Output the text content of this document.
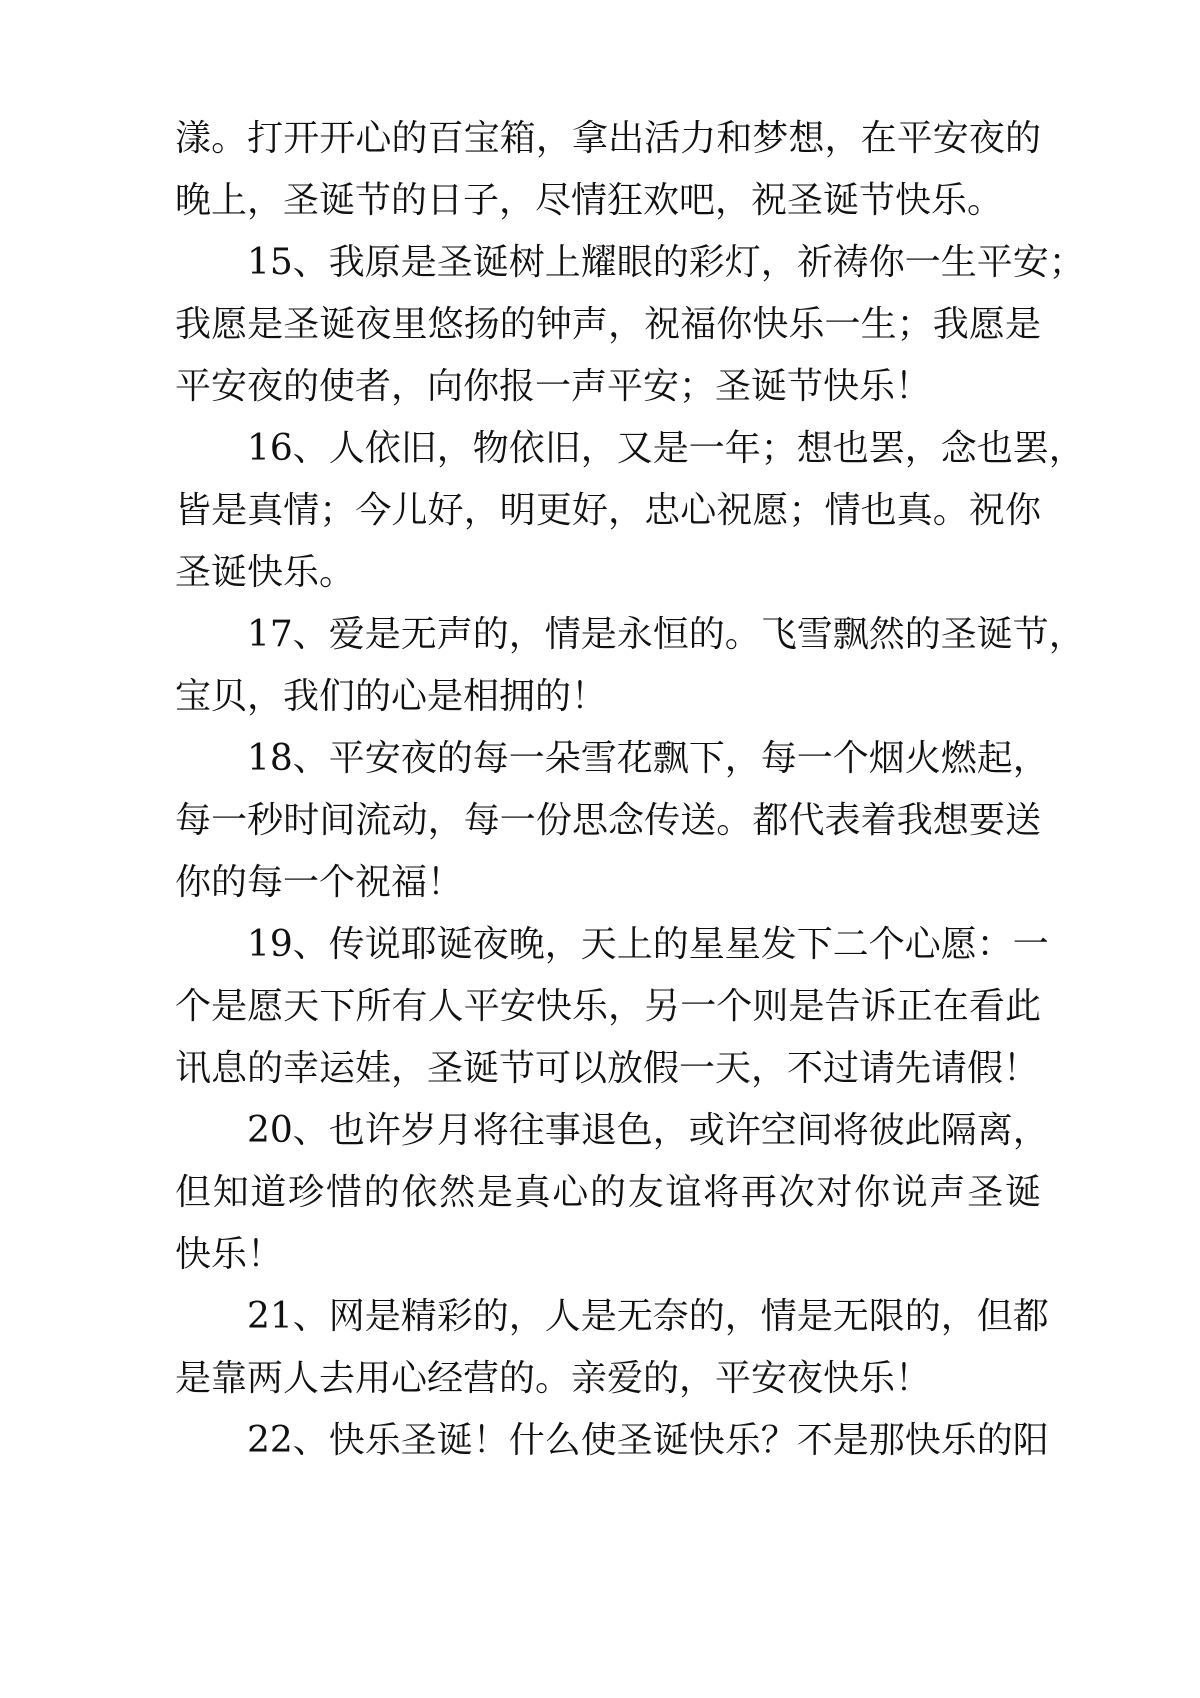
漾。打开开心的百宝箱，拿出活力和梦想，在平安夜的
晚上，圣诞节的日子，尽情狂欢吧，祝圣诞节快乐。
15、我原是圣诞树上耀眼的彩灯，祈祷你一生平安；
我愿是圣诞夜里悠扬的钟声，祝福你快乐一生；我愿是
平安夜的使者，向你报一声平安；圣诞节快乐！
16、人依旧，物依旧，又是一年；想也罢，念也罢，
皆是真情；今儿好，明更好，忠心祝愿；情也真。祝你
圣诞快乐。
17、爱是无声的，情是永恒的。飞雪飘然的圣诞节，
宝贝，我们的心是相拥的！
18、平安夜的每一朵雪花飘下，每一个烟火燃起，
每一秒时间流动，每一份思念传送。都代表着我想要送
你的每一个祝福！
19、传说耶诞夜晚，天上的星星发下二个心愿：一
个是愿天下所有人平安快乐，另一个则是告诉正在看此
讯息的幸运娃，圣诞节可以放假一天，不过请先请假！
20、也许岁月将往事退色，或许空间将彼此隔离，
但知道珍惜的依然是真心的友谊将再次对你说声圣诞
快乐！
21、网是精彩的，人是无奈的，情是无限的，但都
是靠两人去用心经营的。亲爱的，平安夜快乐！
22、快乐圣诞！什么使圣诞快乐？不是那快乐的阳
